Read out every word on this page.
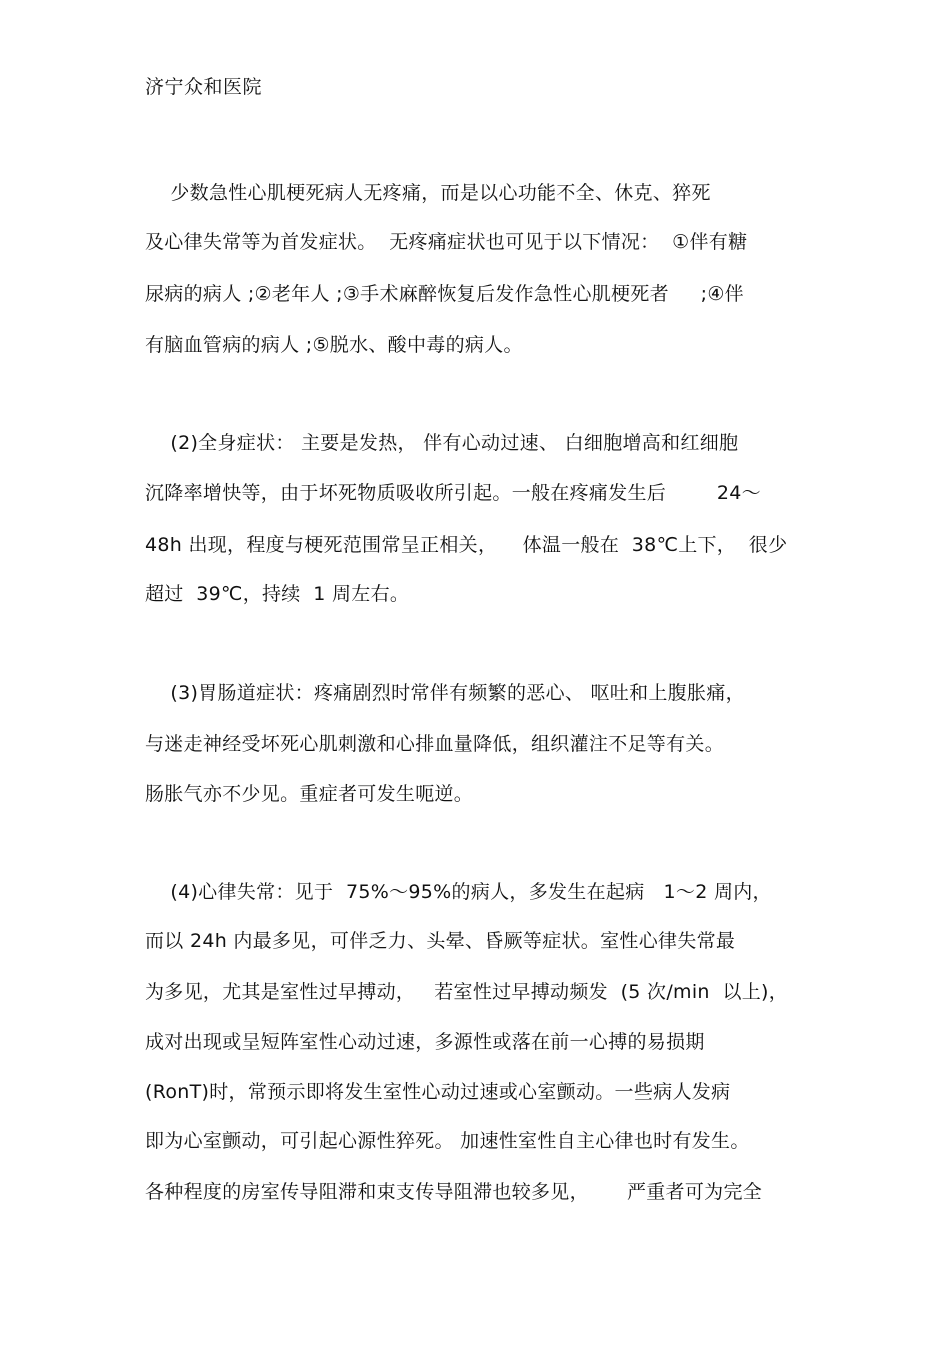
济宁众和医院
少数急性心肌梗死病人无疼痛，而是以心功能不全、休克、猝死
及心律失常等为首发症状。  无疼痛症状也可见于以下情况：  ①伴有糖
尿病的病人 ;②老年人 ;③手术麻醉恢复后发作急性心肌梗死者     ;④伴
有脑血管病的病人 ;⑤脱水、酸中毒的病人。
(2)全身症状： 主要是发热， 伴有心动过速、 白细胞增高和红细胞
沉降率增快等，由于坏死物质吸收所引起。一般在疼痛发生后        24～
48h 出现，程度与梗死范围常呈正相关，    体温一般在  38℃上下，  很少
超过  39℃，持续  1 周左右。
(3)胃肠道症状：疼痛剧烈时常伴有频繁的恶心、 呕吐和上腹胀痛，
与迷走神经受坏死心肌刺激和心排血量降低，组织灌注不足等有关。
肠胀气亦不少见。重症者可发生呃逆。
(4)心律失常：见于  75%～95%的病人，多发生在起病   1～2 周内，
而以 24h 内最多见，可伴乏力、头晕、昏厥等症状。室性心律失常最
为多见，尤其是室性过早搏动，   若室性过早搏动频发  (5 次/min  以上)，
成对出现或呈短阵室性心动过速，多源性或落在前一心搏的易损期
(RonT)时，常预示即将发生室性心动过速或心室颤动。一些病人发病
即为心室颤动，可引起心源性猝死。 加速性室性自主心律也时有发生。
各种程度的房室传导阻滞和束支传导阻滞也较多见，      严重者可为完全
